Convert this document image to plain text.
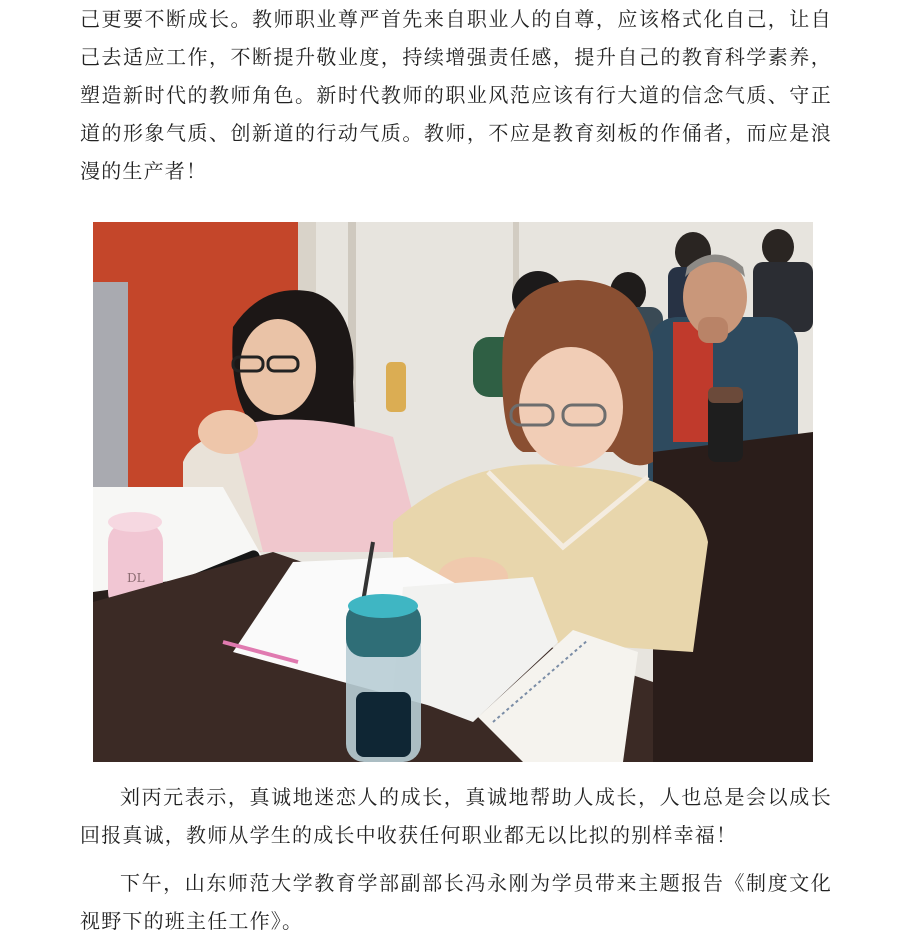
己更要不断成长。教师职业尊严首先来自职业人的自尊，应该格式化自己，让自己去适应工作，不断提升敬业度，持续增强责任感，提升自己的教育科学素养，塑造新时代的教师角色。新时代教师的职业风范应该有行大道的信念气质、守正道的形象气质、创新道的行动气质。教师，不应是教育刻板的作俑者，而应是浪漫的生产者！

DL

刘丙元表示，真诚地迷恋人的成长，真诚地帮助人成长，人也总是会以成长回报真诚，教师从学生的成长中收获任何职业都无以比拟的别样幸福！

下午，山东师范大学教育学部副部长冯永刚为学员带来主题报告《制度文化视野下的班主任工作》。
